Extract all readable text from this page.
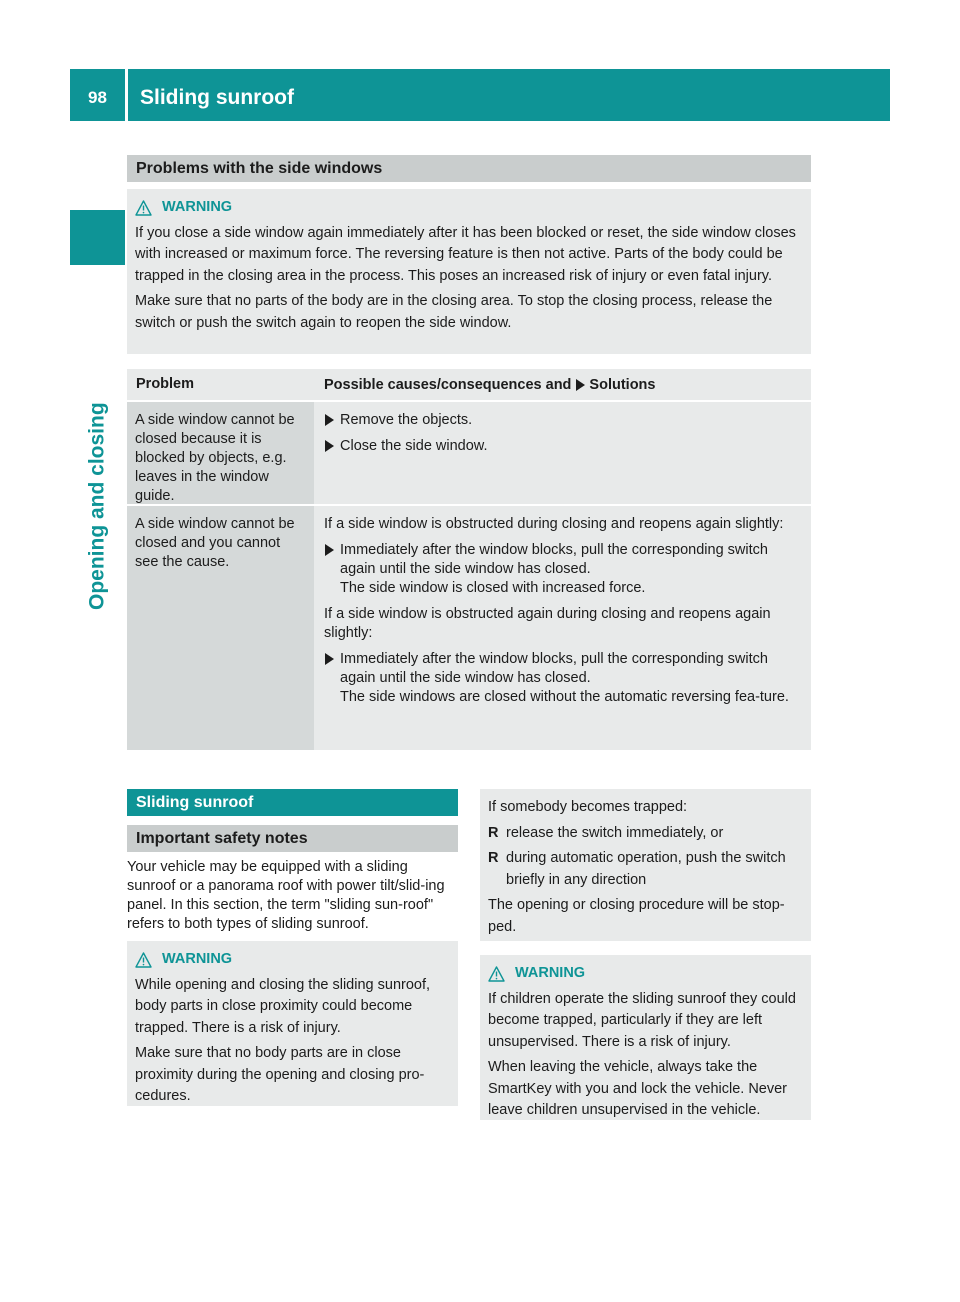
98	Sliding sunroof
Opening and closing
Problems with the side windows
WARNING

If you close a side window again immediately after it has been blocked or reset, the side window closes with increased or maximum force. The reversing feature is then not active. Parts of the body could be trapped in the closing area in the process. This poses an increased risk of injury or even fatal injury.

Make sure that no parts of the body are in the closing area. To stop the closing process, release the switch or push the switch again to reopen the side window.

Problem	Possible causes/consequences and Solutions
A side window cannot be closed because it is blocked by objects, e.g. leaves in the window guide.
Remove the objects.
Close the side window.
A side window cannot be closed and you cannot see the cause.

If a side window is obstructed during closing and reopens again slightly:

Immediately after the window blocks, pull the corresponding switch again until the side window has closed.
The side window is closed with increased force.

If a side window is obstructed again during closing and reopens again slightly:

Immediately after the window blocks, pull the corresponding switch again until the side window has closed.
The side windows are closed without the automatic reversing fea-ture.
Sliding sunroof
Important safety notes
Your vehicle may be equipped with a sliding sunroof or a panorama roof with power tilt/slid-ing panel. In this section, the term "sliding sun-roof" refers to both types of sliding sunroof.
WARNING

While opening and closing the sliding sunroof, body parts in close proximity could become trapped. There is a risk of injury.

Make sure that no body parts are in close proximity during the opening and closing pro-cedures.

If somebody becomes trapped:

R release the switch immediately, or
R during automatic operation, push the switch briefly in any direction

The opening or closing procedure will be stop-ped.

WARNING

If children operate the sliding sunroof they could become trapped, particularly if they are left unsupervised. There is a risk of injury.

When leaving the vehicle, always take the SmartKey with you and lock the vehicle. Never leave children unsupervised in the vehicle.
